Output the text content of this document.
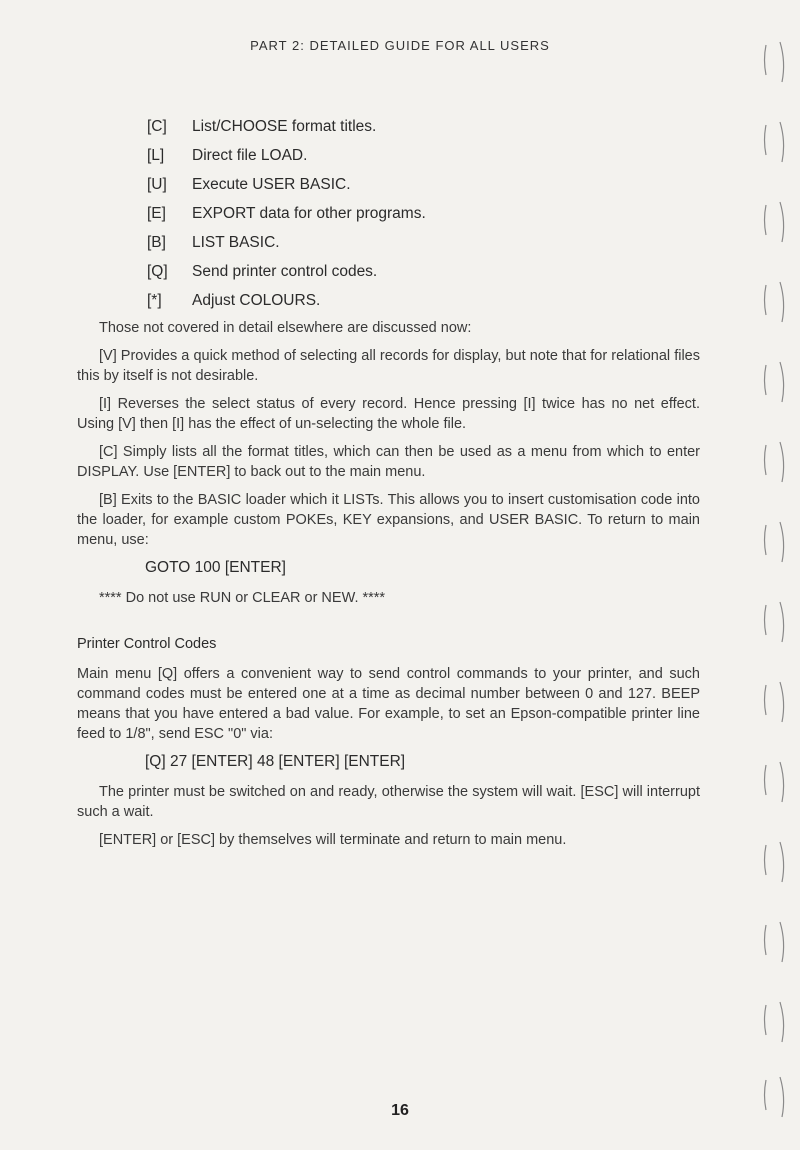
PART 2: DETAILED GUIDE FOR ALL USERS
[C]	List/CHOOSE format titles.
[L]	Direct file LOAD.
[U]	Execute USER BASIC.
[E]	EXPORT data for other programs.
[B]	LIST BASIC.
[Q]	Send printer control codes.
[*]	Adjust COLOURS.

Those not covered in detail elsewhere are discussed now:

[V] Provides a quick method of selecting all records for display, but note that for relational files this by itself is not desirable.

[I] Reverses the select status of every record. Hence pressing [I] twice has no net effect. Using [V] then [I] has the effect of un-selecting the whole file.

[C] Simply lists all the format titles, which can then be used as a menu from which to enter DISPLAY. Use [ENTER] to back out to the main menu.

[B] Exits to the BASIC loader which it LISTs. This allows you to insert customisation code into the loader, for example custom POKEs, KEY expansions, and USER BASIC. To return to main menu, use:

GOTO 100 [ENTER]

**** Do not use RUN or CLEAR or NEW. ****

Printer Control Codes

Main menu [Q] offers a convenient way to send control commands to your printer, and such command codes must be entered one at a time as decimal number between 0 and 127. BEEP means that you have entered a bad value. For example, to set an Epson-compatible printer line feed to 1/8", send ESC "0" via:

[Q] 27 [ENTER] 48 [ENTER] [ENTER]

The printer must be switched on and ready, otherwise the system will wait. [ESC] will interrupt such a wait.

[ENTER] or [ESC] by themselves will terminate and return to main menu.

16
